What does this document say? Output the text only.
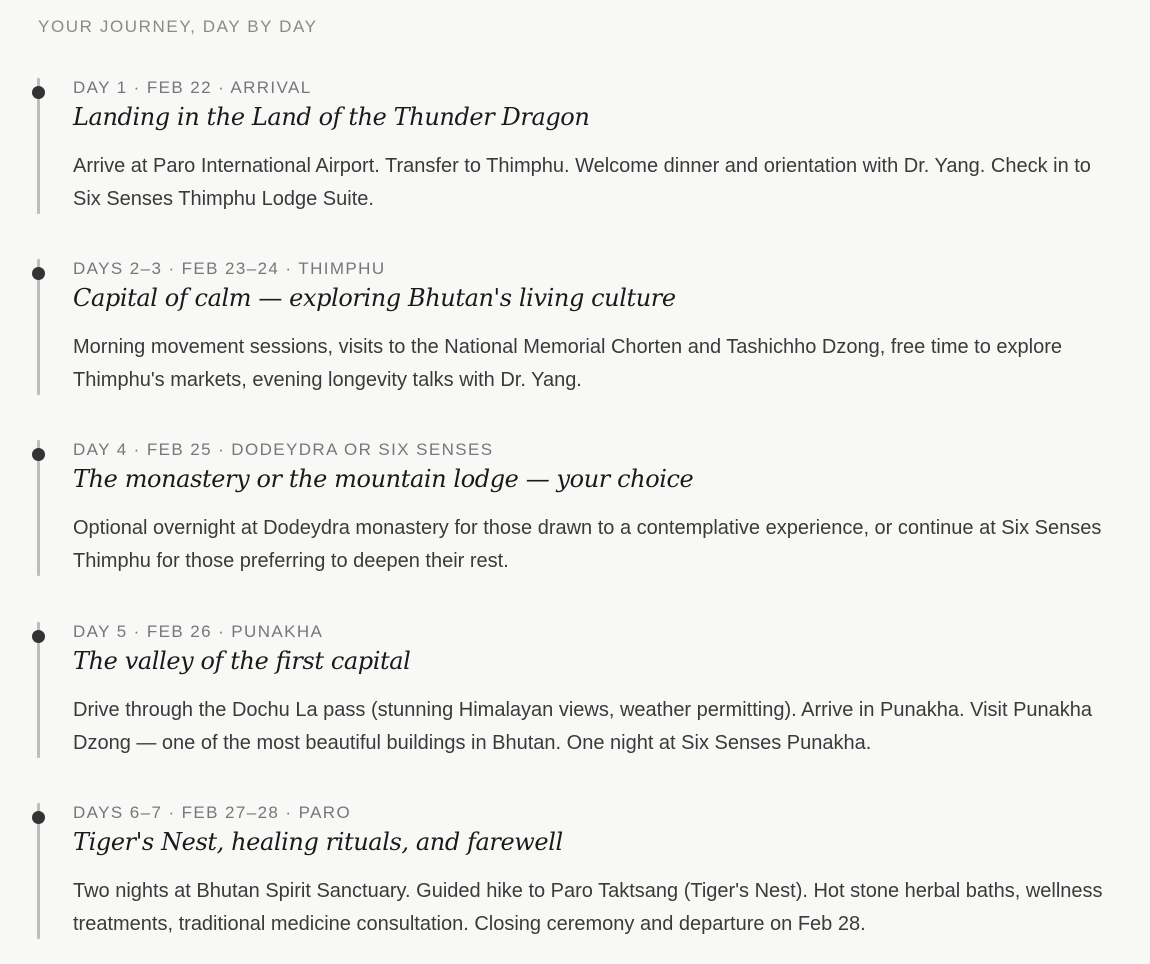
YOUR JOURNEY, DAY BY DAY
DAY 1 · FEB 22 · ARRIVAL
Landing in the Land of the Thunder Dragon

Arrive at Paro International Airport. Transfer to Thimphu. Welcome dinner and orientation with Dr. Yang. Check in to Six Senses Thimphu Lodge Suite.

DAYS 2–3 · FEB 23–24 · THIMPHU
Capital of calm — exploring Bhutan's living culture

Morning movement sessions, visits to the National Memorial Chorten and Tashichho Dzong, free time to explore Thimphu's markets, evening longevity talks with Dr. Yang.

DAY 4 · FEB 25 · DODEYDRA OR SIX SENSES
The monastery or the mountain lodge — your choice

Optional overnight at Dodeydra monastery for those drawn to a contemplative experience, or continue at Six Senses Thimphu for those preferring to deepen their rest.

DAY 5 · FEB 26 · PUNAKHA
The valley of the first capital

Drive through the Dochu La pass (stunning Himalayan views, weather permitting). Arrive in Punakha. Visit Punakha Dzong — one of the most beautiful buildings in Bhutan. One night at Six Senses Punakha.

DAYS 6–7 · FEB 27–28 · PARO
Tiger's Nest, healing rituals, and farewell

Two nights at Bhutan Spirit Sanctuary. Guided hike to Paro Taktsang (Tiger's Nest). Hot stone herbal baths, wellness treatments, traditional medicine consultation. Closing ceremony and departure on Feb 28.
